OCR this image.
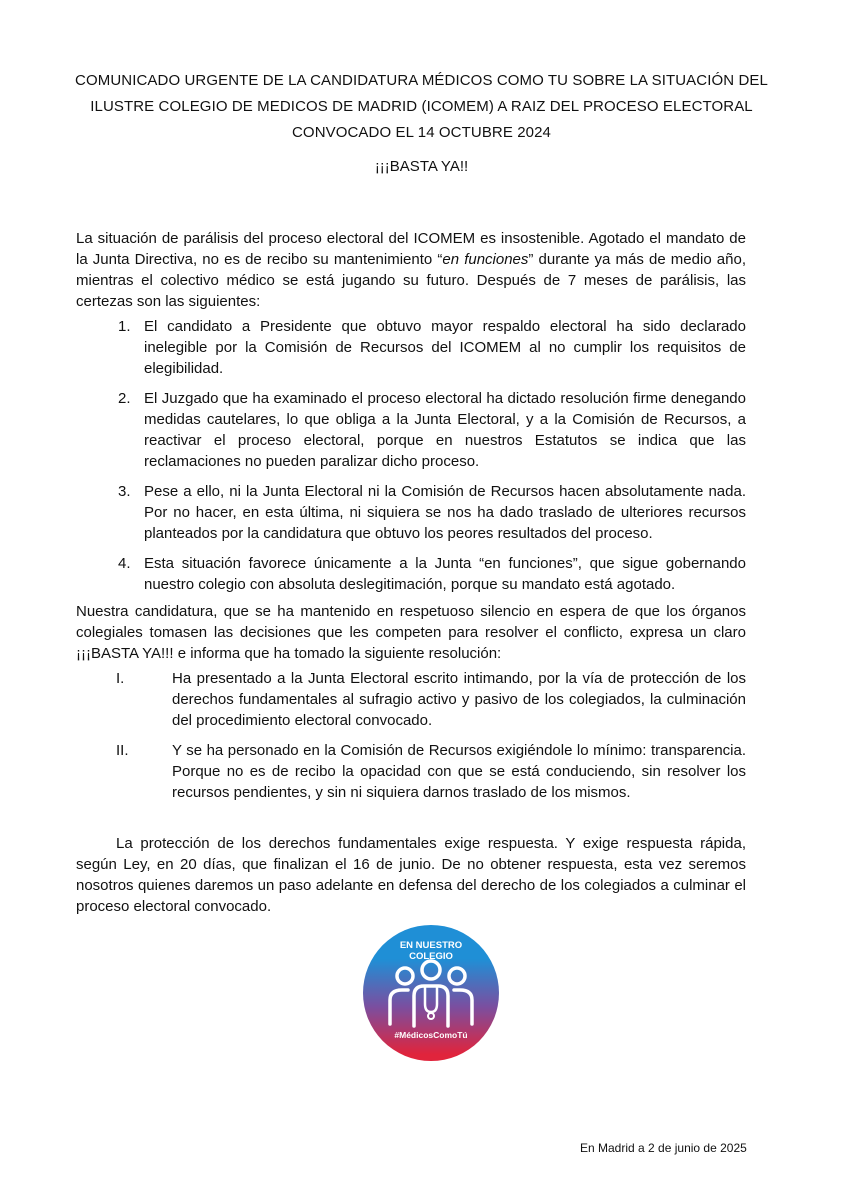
COMUNICADO URGENTE DE LA CANDIDATURA MÉDICOS COMO TU SOBRE LA SITUACIÓN DEL ILUSTRE COLEGIO DE MEDICOS DE MADRID (ICOMEM) A RAIZ DEL PROCESO ELECTORAL CONVOCADO EL 14 OCTUBRE 2024
¡¡¡BASTA YA!!

La situación de parálisis del proceso electoral del ICOMEM es insostenible. Agotado el mandato de la Junta Directiva, no es de recibo su mantenimiento “en funciones” durante ya más de medio año, mientras el colectivo médico se está jugando su futuro. Después de 7 meses de parálisis, las certezas son las siguientes:

1. El candidato a Presidente que obtuvo mayor respaldo electoral ha sido declarado inelegible por la Comisión de Recursos del ICOMEM al no cumplir los requisitos de elegibilidad.
2. El Juzgado que ha examinado el proceso electoral ha dictado resolución firme denegando medidas cautelares, lo que obliga a la Junta Electoral, y a la Comisión de Recursos, a reactivar el proceso electoral, porque en nuestros Estatutos se indica que las reclamaciones no pueden paralizar dicho proceso.
3. Pese a ello, ni la Junta Electoral ni la Comisión de Recursos hacen absolutamente nada. Por no hacer, en esta última, ni siquiera se nos ha dado traslado de ulteriores recursos planteados por la candidatura que obtuvo los peores resultados del proceso.
4. Esta situación favorece únicamente a la Junta “en funciones”, que sigue gobernando nuestro colegio con absoluta deslegitimación, porque su mandato está agotado.

Nuestra candidatura, que se ha mantenido en respetuoso silencio en espera de que los órganos colegiales tomasen las decisiones que les competen para resolver el conflicto, expresa un claro ¡¡¡BASTA YA!!! e informa que ha tomado la siguiente resolución:

I.	Ha presentado a la Junta Electoral escrito intimando, por la vía de protección de los derechos fundamentales al sufragio activo y pasivo de los colegiados, la culminación del procedimiento electoral convocado.
II.	Y se ha personado en la Comisión de Recursos exigiéndole lo mínimo: transparencia. Porque no es de recibo la opacidad con que se está conduciendo, sin resolver los recursos pendientes, y sin ni siquiera darnos traslado de los mismos.

La protección de los derechos fundamentales exige respuesta. Y exige respuesta rápida, según Ley, en 20 días, que finalizan el 16 de junio. De no obtener respuesta, esta vez seremos nosotros quienes daremos un paso adelante en defensa del derecho de los colegiados a culminar el proceso electoral convocado.

EN NUESTRO
COLEGIO
#MédicosComoTú
En Madrid a 2 de junio de 2025
